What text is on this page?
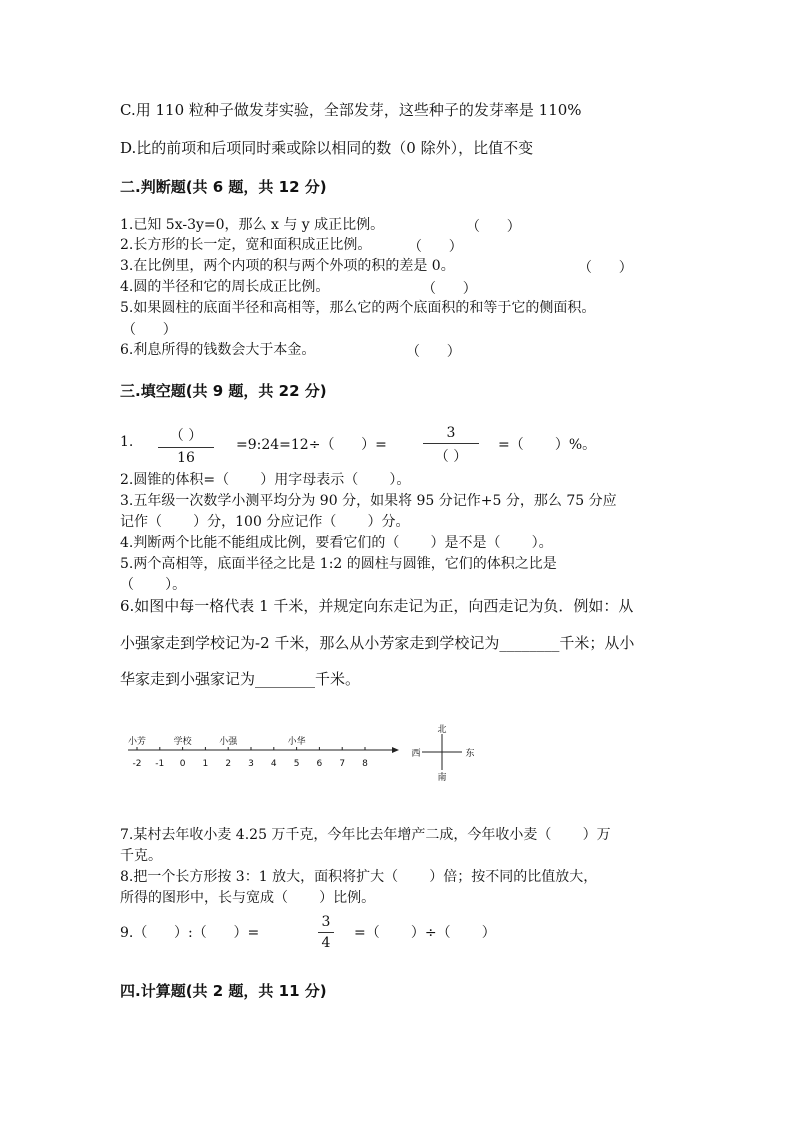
C.用 110 粒种子做发芽实验，全部发芽，这些种子的发芽率是 110%
D.比的前项和后项同时乘或除以相同的数（0 除外），比值不变
二.判断题(共 6 题，共 12 分)
1.已知 5x-3y=0，那么 x 与 y 成正比例。	（      ）
2.长方形的长一定，宽和面积成正比例。	（      ）
3.在比例里，两个内项的积与两个外项的积的差是 0。	（      ）
4.圆的半径和它的周长成正比例。	（      ）
5.如果圆柱的底面半径和高相等，那么它的两个底面积的和等于它的侧面积。
（      ）
6.利息所得的钱数会大于本金。	（      ）
三.填空题(共 9 题，共 22 分)
1.	（ ）
16
=9:24=12÷（      ）=
3
（ ）
=（       ）%。
2.圆锥的体积=（       ）用字母表示（       ）。
3.五年级一次数学小测平均分为 90 分，如果将 95 分记作+5 分，那么 75 分应
记作（       ）分，100 分应记作（       ）分。
4.判断两个比能不能组成比例，要看它们的（       ）是不是（       ）。
5.两个高相等，底面半径之比是 1:2 的圆柱与圆锥，它们的体积之比是
（       ）。
6.如图中每一格代表 1 千米，并规定向东走记为正，向西走记为负．例如：从
小强家走到学校记为-2 千米，那么从小芳家走到学校记为________千米；从小
华家走到小强家记为________千米。
-2 -1 0 1 2 3 4 5 6 7 8
小芳	学校	小强	小华
北
南
东
西
7.某村去年收小麦 4.25 万千克，今年比去年增产二成，今年收小麦（       ）万
千克。
8.把一个长方形按 3：1 放大，面积将扩大（       ）倍；按不同的比值放大，
所得的图形中，长与宽成（       ）比例。
9.（      ）:（      ）=
3
4
=（       ）÷（       ）
四.计算题(共 2 题，共 11 分)
